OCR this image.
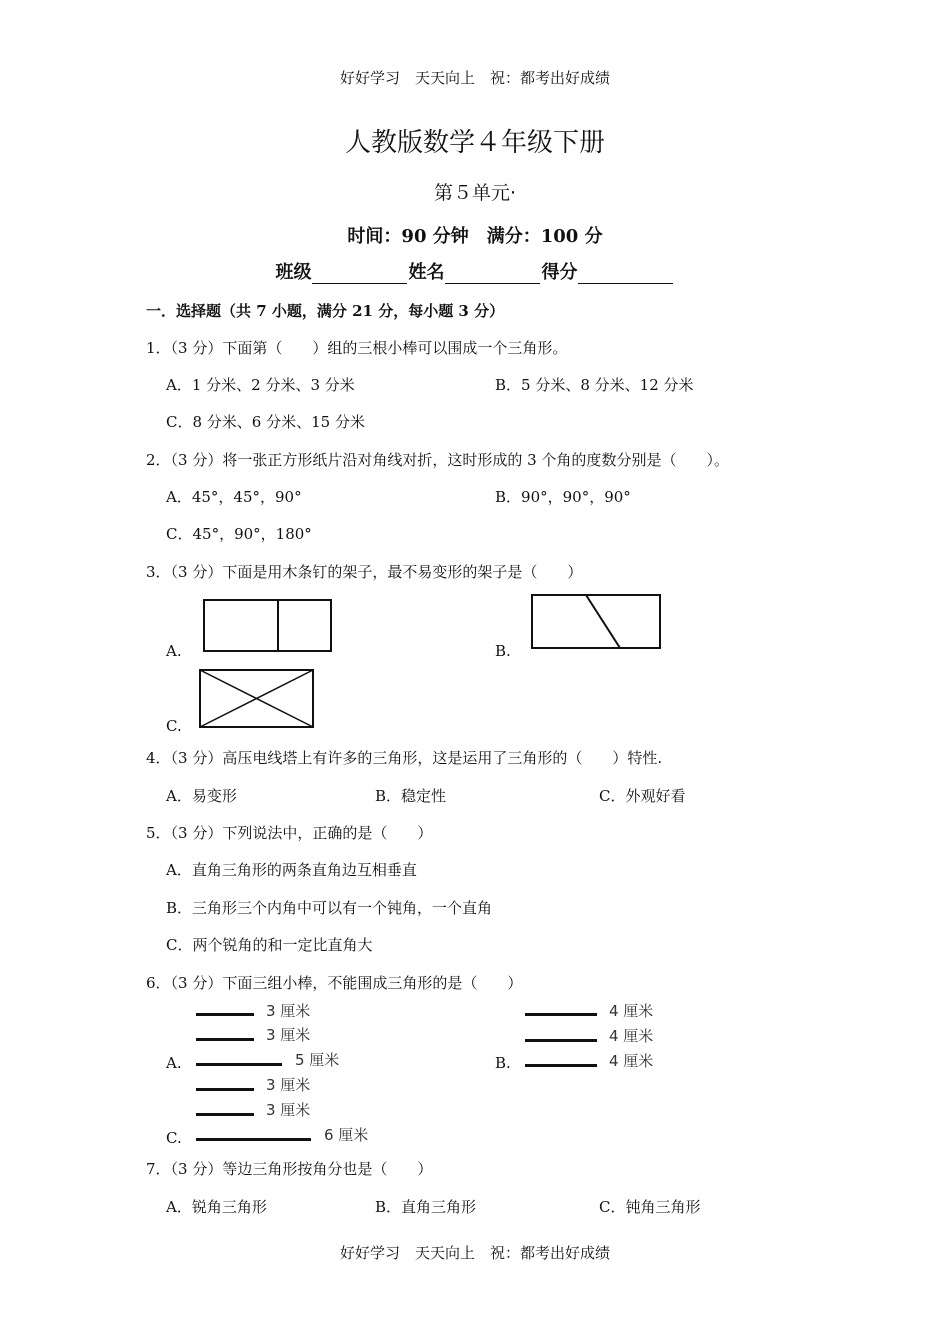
好好学习　天天向上　祝：都考出好成绩
人教版数学４年级下册
第５单元·
时间：90 分钟　满分：100 分
班级	姓名	得分
一．选择题（共 7 小题，满分 21 分，每小题 3 分）
1．（3 分）下面第（　　）组的三根小棒可以围成一个三角形。
A．1 分米、2 分米、3 分米	B．5 分米、8 分米、12 分米
C．8 分米、6 分米、15 分米
2．（3 分）将一张正方形纸片沿对角线对折，这时形成的 3 个角的度数分别是（　　）。
A．45°，45°，90°	B．90°，90°，90°
C．45°，90°，180°
3．（3 分）下面是用木条钉的架子，最不易变形的架子是（　　）
A.	B.
C.
4．（3 分）高压电线塔上有许多的三角形，这是运用了三角形的（　　）特性.
A．易变形	B．稳定性	C．外观好看
5．（3 分）下列说法中，正确的是（　　）
A．直角三角形的两条直角边互相垂直
B．三角形三个内角中可以有一个钝角，一个直角
C．两个锐角的和一定比直角大
6．（3 分）下面三组小棒，不能围成三角形的是（　　）
3 厘米
3 厘米
5 厘米
A.
4 厘米
4 厘米
4 厘米
B.
3 厘米
3 厘米
6 厘米
C.
7．（3 分）等边三角形按角分也是（　　）
A．锐角三角形	B．直角三角形	C．钝角三角形
好好学习　天天向上　祝：都考出好成绩
